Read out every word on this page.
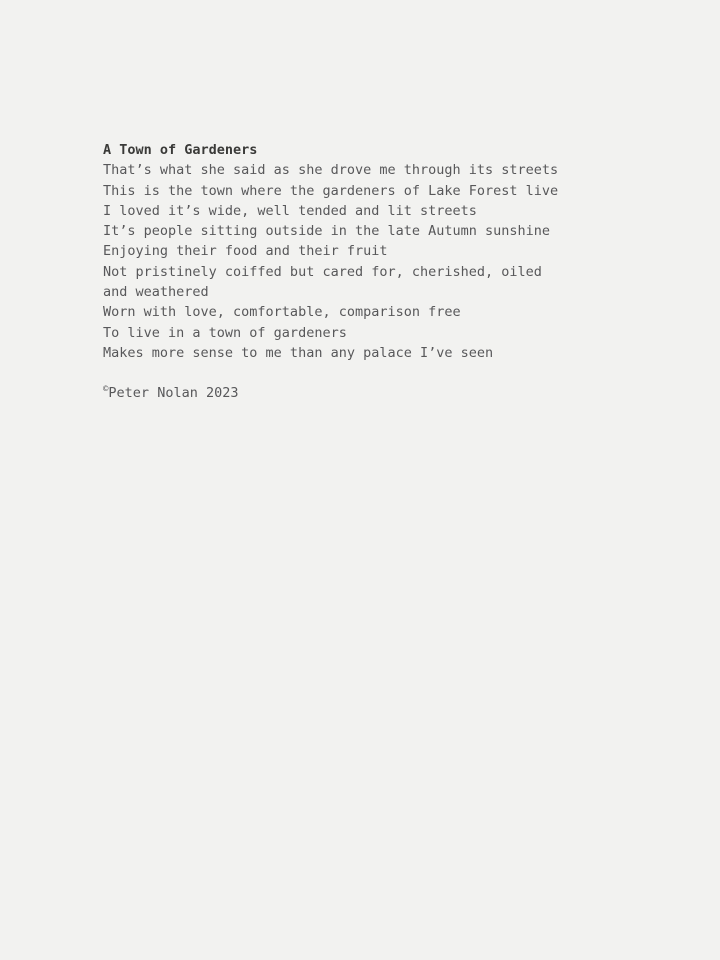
A Town of Gardeners

That’s what she said as she drove me through its streets

This is the town where the gardeners of Lake Forest live

I loved it’s wide, well tended and lit streets

It’s people sitting outside in the late Autumn sunshine

Enjoying their food and their fruit

Not pristinely coiffed but cared for, cherished, oiled

and weathered

Worn with love, comfortable, comparison free

To live in a town of gardeners

Makes more sense to me than any palace I’ve seen

©Peter Nolan 2023
